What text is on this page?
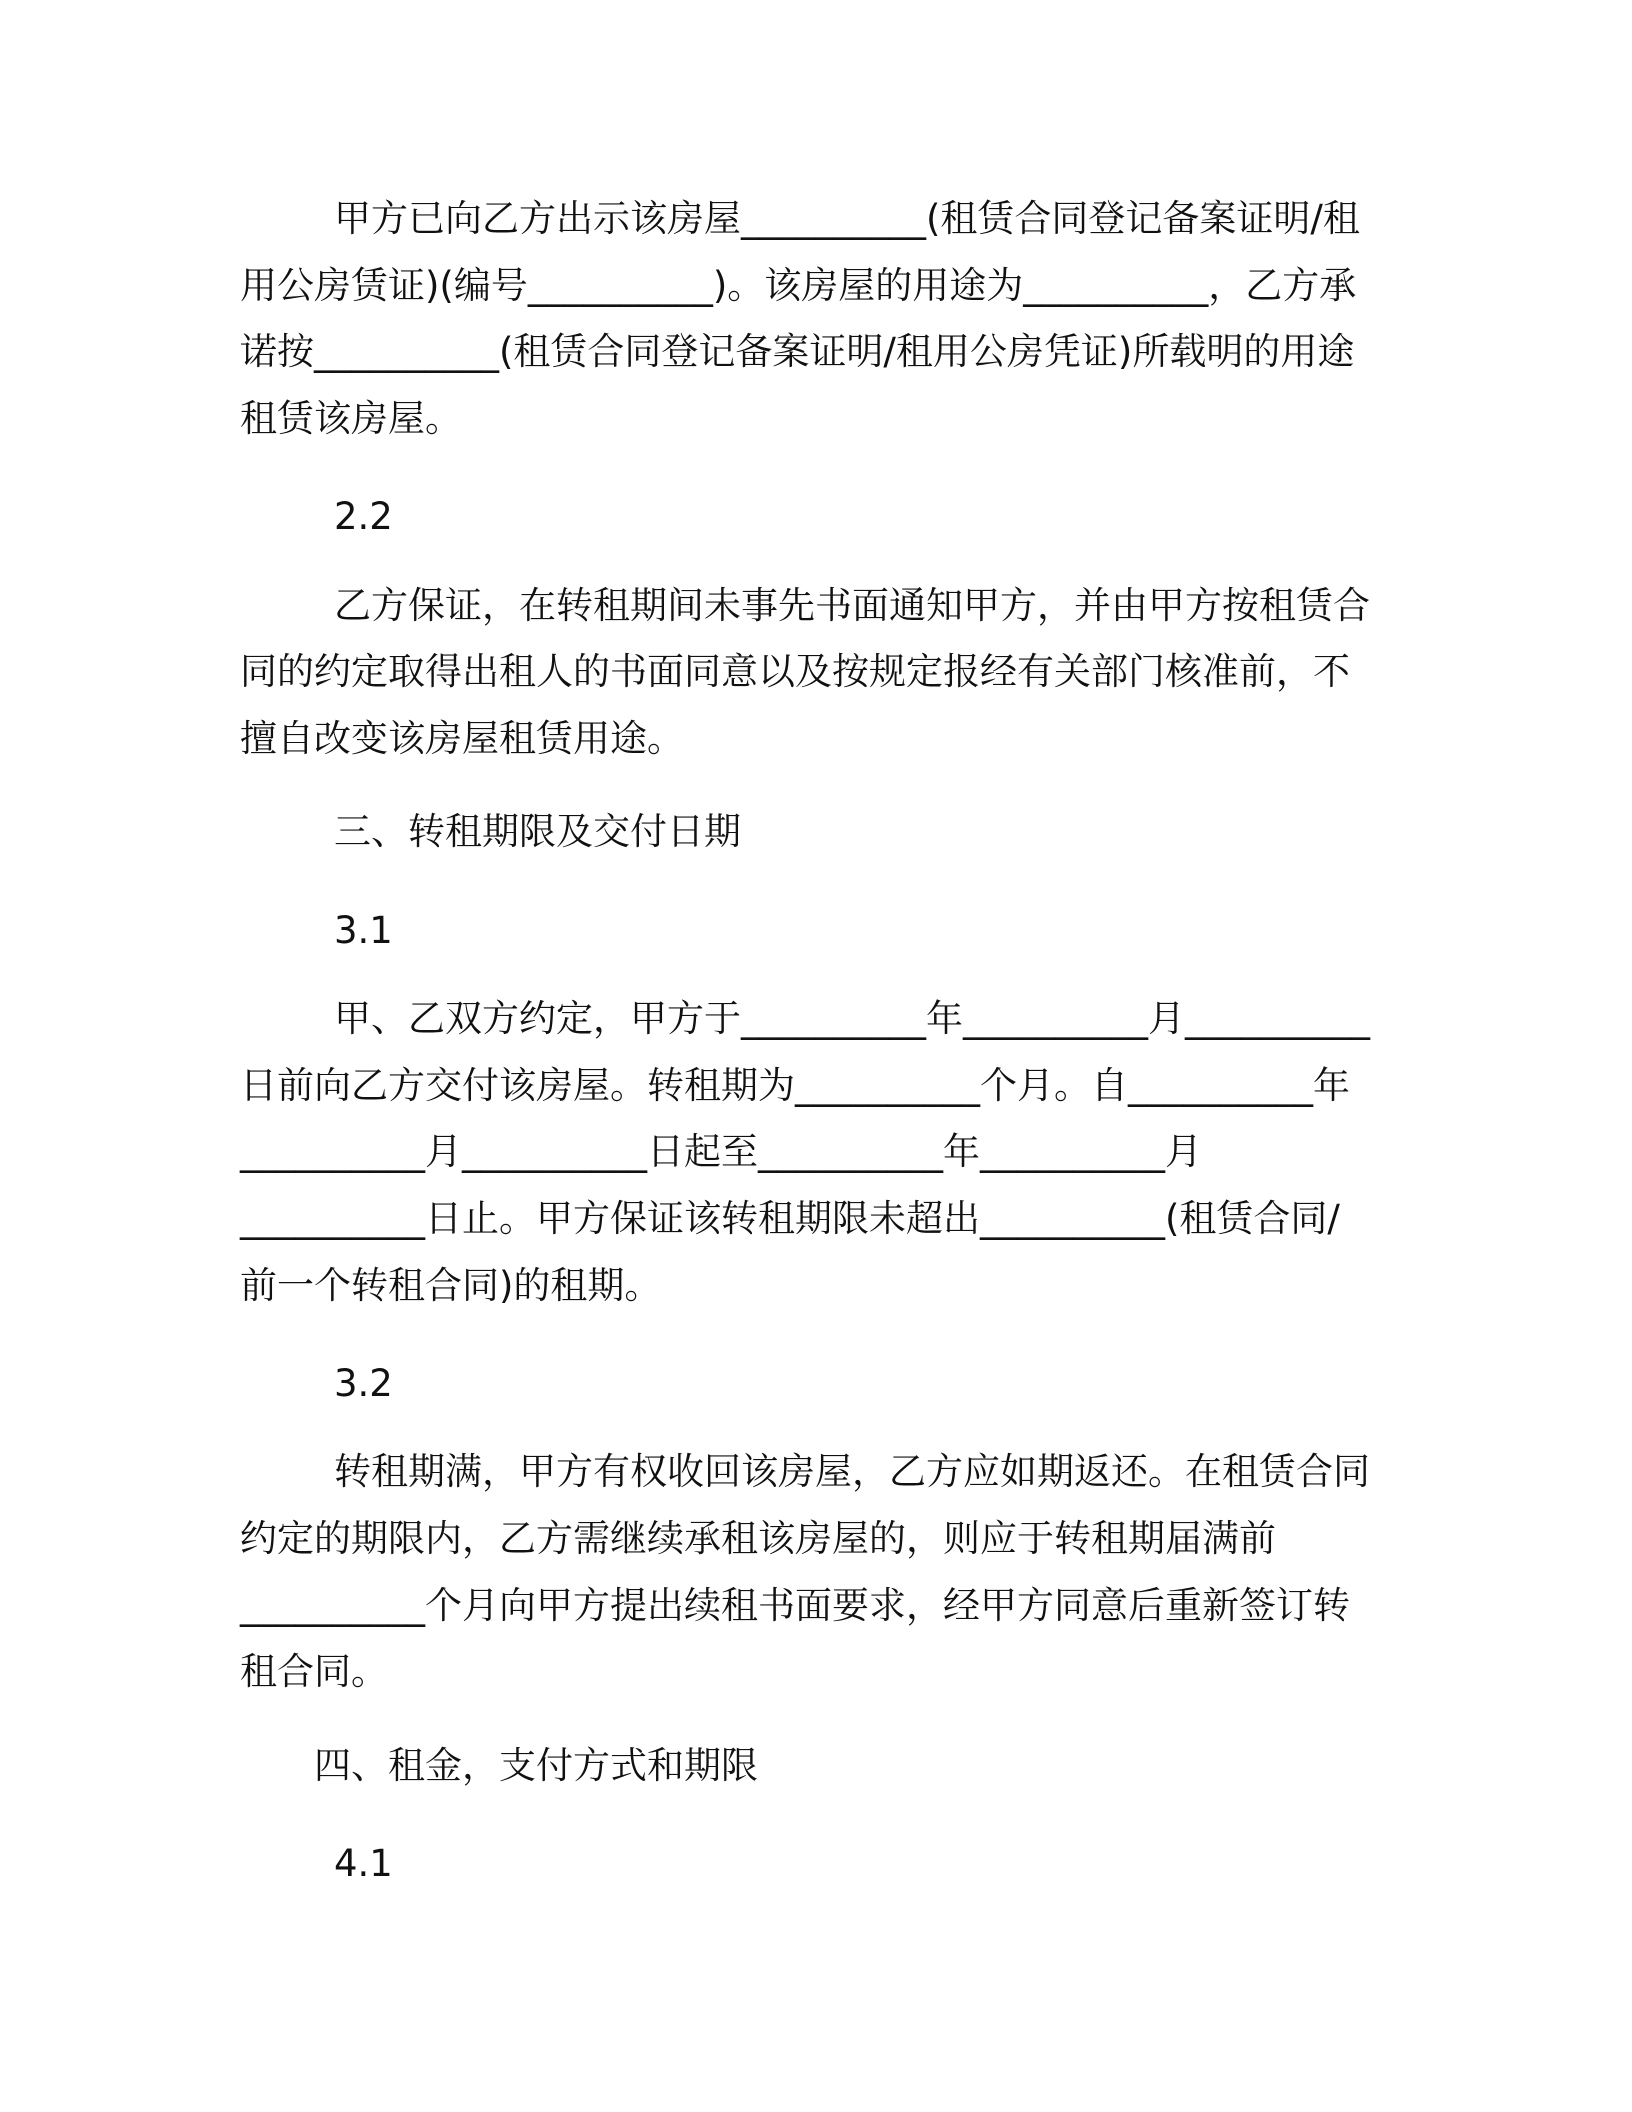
甲方已向乙方出示该房屋__________(租赁合同登记备案证明/租
用公房赁证)(编号__________)。该房屋的用途为__________，乙方承
诺按__________(租赁合同登记备案证明/租用公房凭证)所载明的用途
租赁该房屋。
2.2
乙方保证，在转租期间未事先书面通知甲方，并由甲方按租赁合
同的约定取得出租人的书面同意以及按规定报经有关部门核准前，不
擅自改变该房屋租赁用途。
三、转租期限及交付日期
3.1
甲、乙双方约定，甲方于__________年__________月__________
日前向乙方交付该房屋。转租期为__________个月。自__________年
__________月__________日起至__________年__________月
__________日止。甲方保证该转租期限未超出__________(租赁合同/
前一个转租合同)的租期。
3.2
转租期满，甲方有权收回该房屋，乙方应如期返还。在租赁合同
约定的期限内，乙方需继续承租该房屋的，则应于转租期届满前
__________个月向甲方提出续租书面要求，经甲方同意后重新签订转
租合同。
四、租金，支付方式和期限
4.1
